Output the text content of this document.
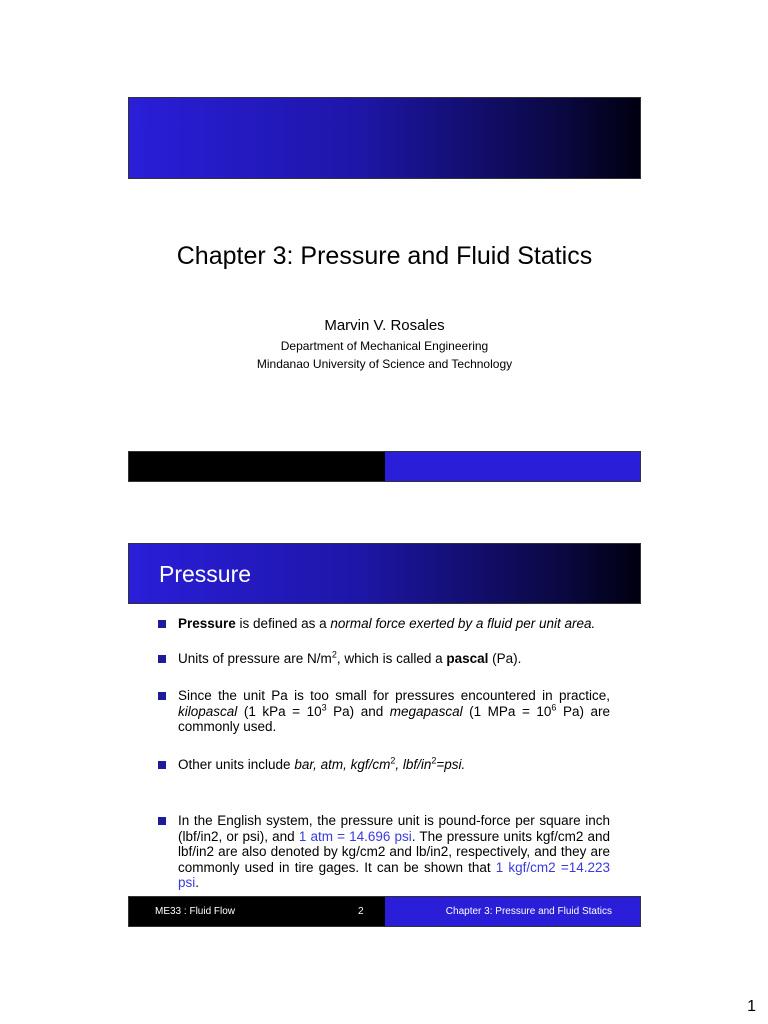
Chapter 3: Pressure and Fluid Statics
Marvin V. Rosales
Department of Mechanical Engineering
Mindanao University of Science and Technology
Pressure
Pressure is defined as a normal force exerted by a fluid per unit area.
Units of pressure are $N/m^2$, which is called a pascal (Pa).
Since the unit Pa is too small for pressures encountered in practice, kilopascal (1 kPa = $10^3$ Pa) and megapascal (1 MPa = $10^6$ Pa) are commonly used.
Other units include bar, atm, kgf/$cm^2$, lbf/$in^2=psi$.
In the English system, the pressure unit is pound-force per square inch (lbf/in2, or psi), and 1 atm = 14.696 psi. The pressure units kgf/cm2 and lbf/in2 are also denoted by kg/cm2 and lb/in2, respectively, and they are commonly used in tire gages. It can be shown that 1 kgf/cm2 =14.223 psi.
ME33 : Fluid Flow	2	Chapter 3: Pressure and Fluid Statics
1
